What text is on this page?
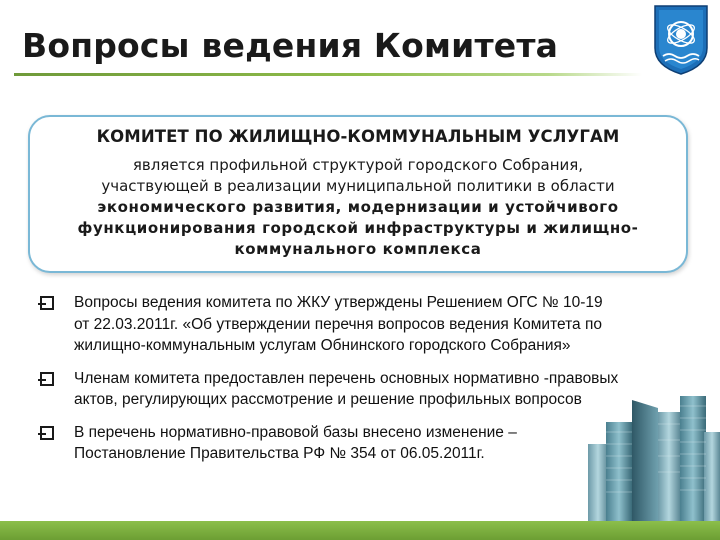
Вопросы ведения Комитета
КОМИТЕТ ПО ЖИЛИЩНО-КОММУНАЛЬНЫМ УСЛУГАМ
является профильной структурой городского Собрания,
участвующей в реализации муниципальной политики в области
экономического развития, модернизации и устойчивого
функционирования городской инфраструктуры и жилищно-
коммунального комплекса
Вопросы ведения комитета по ЖКУ утверждены Решением ОГС № 10-19 от 22.03.2011г. «Об утверждении перечня вопросов ведения Комитета по жилищно-коммунальным услугам Обнинского городского Собрания»
Членам комитета предоставлен перечень основных нормативно -правовых актов, регулирующих рассмотрение и решение профильных вопросов
В перечень нормативно-правовой базы внесено изменение – Постановление Правительства РФ № 354 от 06.05.2011г.
